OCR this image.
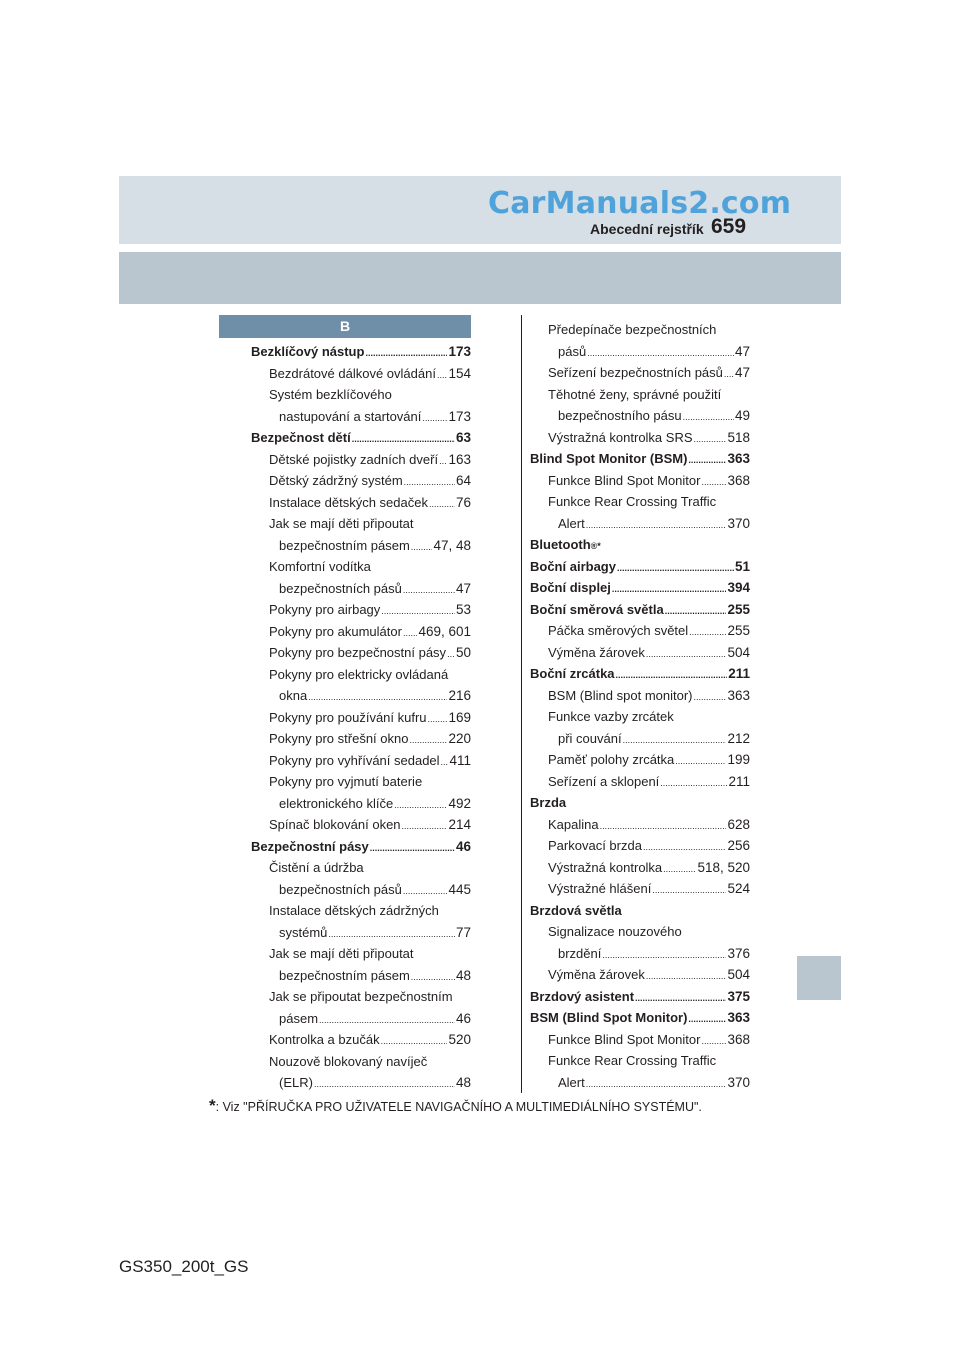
CarManuals2.com
Abecední rejstřík 659
B
Bezklíčový nástup .....	173
Bezdrátové dálkové ovládání ..... 154
Systém bezklíčového
nastupování a startování ..... 173
Bezpečnost dětí .....	63
Dětské pojistky zadních dveří ..... 163
Dětský zádržný systém .....	64
Instalace dětských sedaček ..... 76
Jak se mají děti připoutat
bezpečnostním pásem ..... 47, 48
Komfortní vodítka
bezpečnostních pásů .....	47
Pokyny pro airbagy .....	53
Pokyny pro akumulátor ..... 469, 601
Pokyny pro bezpečnostní pásy ..... 50
Pokyny pro elektricky ovládaná
okna .....	216
Pokyny pro používání kufru ..... 169
Pokyny pro střešní okno .....	220
Pokyny pro vyhřívání sedadel ..... 411
Pokyny pro vyjmutí baterie
elektronického klíče .....	492
Spínač blokování oken .....	214
Bezpečnostní pásy .....	46
Čistění a údržba
bezpečnostních pásů .....	445
Instalace dětských zádržných
systémů .....	77
Jak se mají děti připoutat
bezpečnostním pásem .....	48
Jak se připoutat bezpečnostním
pásem .....	46
Kontrolka a bzučák .....	520
Nouzově blokovaný navíječ
(ELR) .....	48
Předepínače bezpečnostních
pásů .....	47
Seřízení bezpečnostních pásů ..... 47
Těhotné ženy, správné použití
bezpečnostního pásu .....	49
Výstražná kontrolka SRS .....	518
Blind Spot Monitor (BSM) .....	363
Funkce Blind Spot Monitor ..... 368
Funkce Rear Crossing Traffic
Alert .....	370
Bluetooth ®*
Boční airbagy .....	51
Boční displej .....	394
Boční směrová světla .....	255
Páčka směrových světel .....	255
Výměna žárovek .....	504
Boční zrcátka .....	211
BSM (Blind spot monitor) .....	363
Funkce vazby zrcátek
při couvání .....	212
Paměť polohy zrcátka .....	199
Seřízení a sklopení .....	211
Brzda
Kapalina .....	628
Parkovací brzda .....	256
Výstražná kontrolka .....	518, 520
Výstražné hlášení .....	524
Brzdová světla
Signalizace nouzového
brzdění .....	376
Výměna žárovek .....	504
Brzdový asistent .....	375
BSM (Blind Spot Monitor) .....	363
Funkce Blind Spot Monitor ..... 368
Funkce Rear Crossing Traffic
Alert .....	370
*: Viz "PŘÍRUČKA PRO UŽIVATELE NAVIGAČNÍHO A MULTIMEDIÁLNÍHO SYSTÉMU".
GS350_200t_GS
